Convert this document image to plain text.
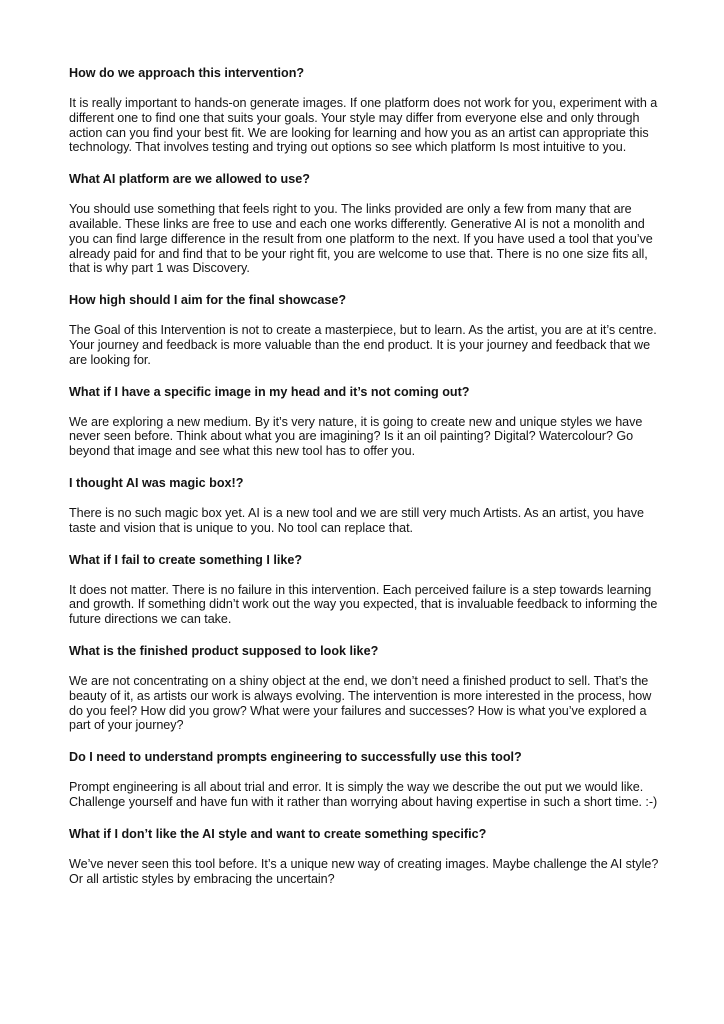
How do we approach this intervention?

It is really important to hands-on generate images. If one platform does not work for you, experiment with a different one to find one that suits your goals. Your style may differ from everyone else and only through action can you find your best fit. We are looking for learning and how you as an artist can appropriate this technology. That involves testing and trying out options so see which platform Is most intuitive to you.

What AI platform are we allowed to use?

You should use something that feels right to you. The links provided are only a few from many that are available. These links are free to use and each one works differently. Generative AI is not a monolith and you can find large difference in the result from one platform to the next. If you have used a tool that you’ve already paid for and find that to be your right fit, you are welcome to use that. There is no one size fits all, that is why part 1 was Discovery.

How high should I aim for the final showcase?

The Goal of this Intervention is not to create a masterpiece, but to learn. As the artist, you are at it’s centre. Your journey and feedback is more valuable than the end product. It is your journey and feedback that we are looking for.

What if I have a specific image in my head and it’s not coming out?

We are exploring a new medium. By it’s very nature, it is going to create new and unique styles we have never seen before. Think about what you are imagining? Is it an oil painting? Digital? Watercolour? Go beyond that image and see what this new tool has to offer you.

I thought AI was magic box!?

There is no such magic box yet. AI is a new tool and we are still very much Artists. As an artist, you have taste and vision that is unique to you. No tool can replace that.

What if I fail to create something I like?

It does not matter. There is no failure in this intervention. Each perceived failure is a step towards learning and growth. If something didn’t work out the way you expected, that is invaluable feedback to informing the future directions we can take.

What is the finished product supposed to look like?

We are not concentrating on a shiny object at the end, we don’t need a finished product to sell. That’s the beauty of it, as artists our work is always evolving. The intervention is more interested in the process, how do you feel? How did you grow? What were your failures and successes? How is what you’ve explored a part of your journey?

Do I need to understand prompts engineering to successfully use this tool?

Prompt engineering is all about trial and error. It is simply the way we describe the out put we would like. Challenge yourself and have fun with it rather than worrying about having expertise in such a short time. :-)

What if I don’t like the AI style and want to create something specific?

We’ve never seen this tool before. It’s a unique new way of creating images. Maybe challenge the AI style? Or all artistic styles by embracing the uncertain?
